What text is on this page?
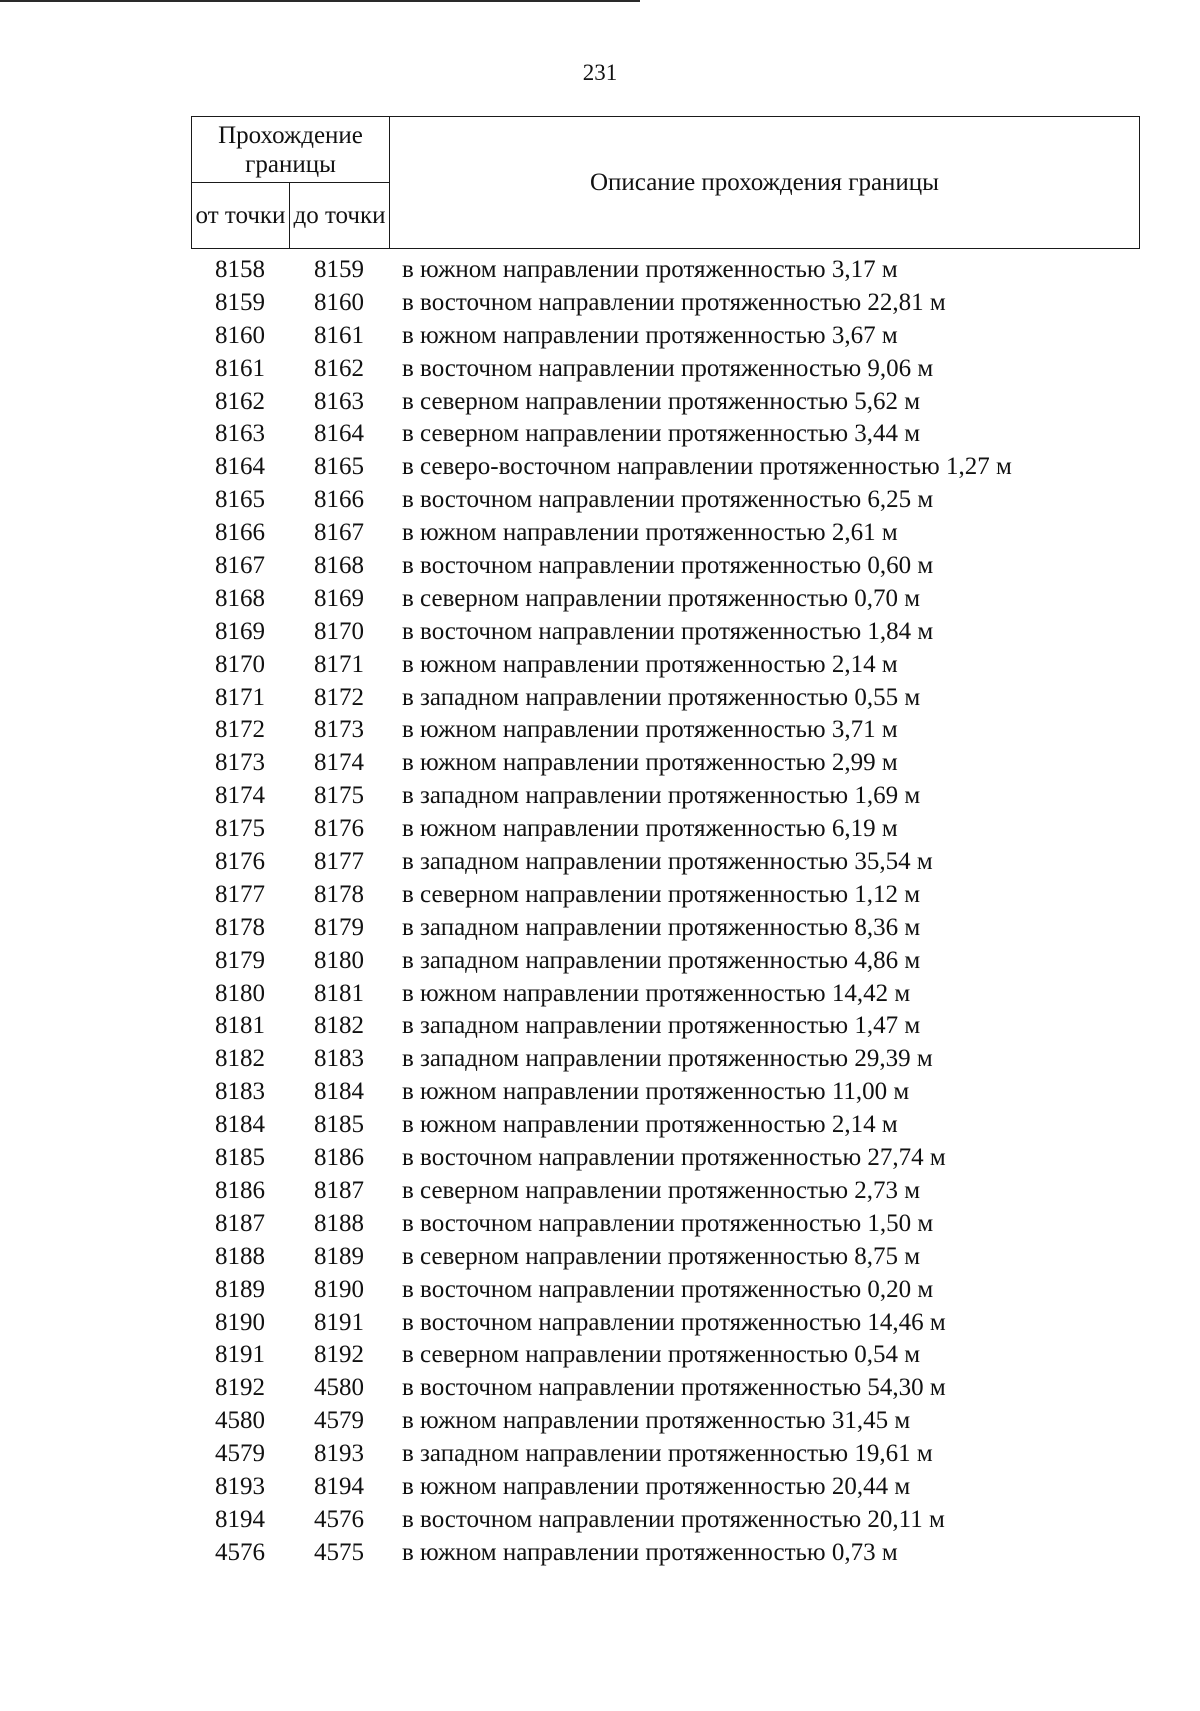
231
Прохождение границы		Описание прохождения границы
от точки	до точки	
8158	8159	в южном направлении протяженностью 3,17 м
8159	8160	в восточном направлении протяженностью 22,81 м
8160	8161	в южном направлении протяженностью 3,67 м
8161	8162	в восточном направлении протяженностью 9,06 м
8162	8163	в северном направлении протяженностью 5,62 м
8163	8164	в северном направлении протяженностью 3,44 м
8164	8165	в северо-восточном направлении протяженностью 1,27 м
8165	8166	в восточном направлении протяженностью 6,25 м
8166	8167	в южном направлении протяженностью 2,61 м
8167	8168	в восточном направлении протяженностью 0,60 м
8168	8169	в северном направлении протяженностью 0,70 м
8169	8170	в восточном направлении протяженностью 1,84 м
8170	8171	в южном направлении протяженностью 2,14 м
8171	8172	в западном направлении протяженностью 0,55 м
8172	8173	в южном направлении протяженностью 3,71 м
8173	8174	в южном направлении протяженностью 2,99 м
8174	8175	в западном направлении протяженностью 1,69 м
8175	8176	в южном направлении протяженностью 6,19 м
8176	8177	в западном направлении протяженностью 35,54 м
8177	8178	в северном направлении протяженностью 1,12 м
8178	8179	в западном направлении протяженностью 8,36 м
8179	8180	в западном направлении протяженностью 4,86 м
8180	8181	в южном направлении протяженностью 14,42 м
8181	8182	в западном направлении протяженностью 1,47 м
8182	8183	в западном направлении протяженностью 29,39 м
8183	8184	в южном направлении протяженностью 11,00 м
8184	8185	в южном направлении протяженностью 2,14 м
8185	8186	в восточном направлении протяженностью 27,74 м
8186	8187	в северном направлении протяженностью 2,73 м
8187	8188	в восточном направлении протяженностью 1,50 м
8188	8189	в северном направлении протяженностью 8,75 м
8189	8190	в восточном направлении протяженностью 0,20 м
8190	8191	в восточном направлении протяженностью 14,46 м
8191	8192	в северном направлении протяженностью 0,54 м
8192	4580	в восточном направлении протяженностью 54,30 м
4580	4579	в южном направлении протяженностью 31,45 м
4579	8193	в западном направлении протяженностью 19,61 м
8193	8194	в южном направлении протяженностью 20,44 м
8194	4576	в восточном направлении протяженностью 20,11 м
4576	4575	в южном направлении протяженностью 0,73 м
